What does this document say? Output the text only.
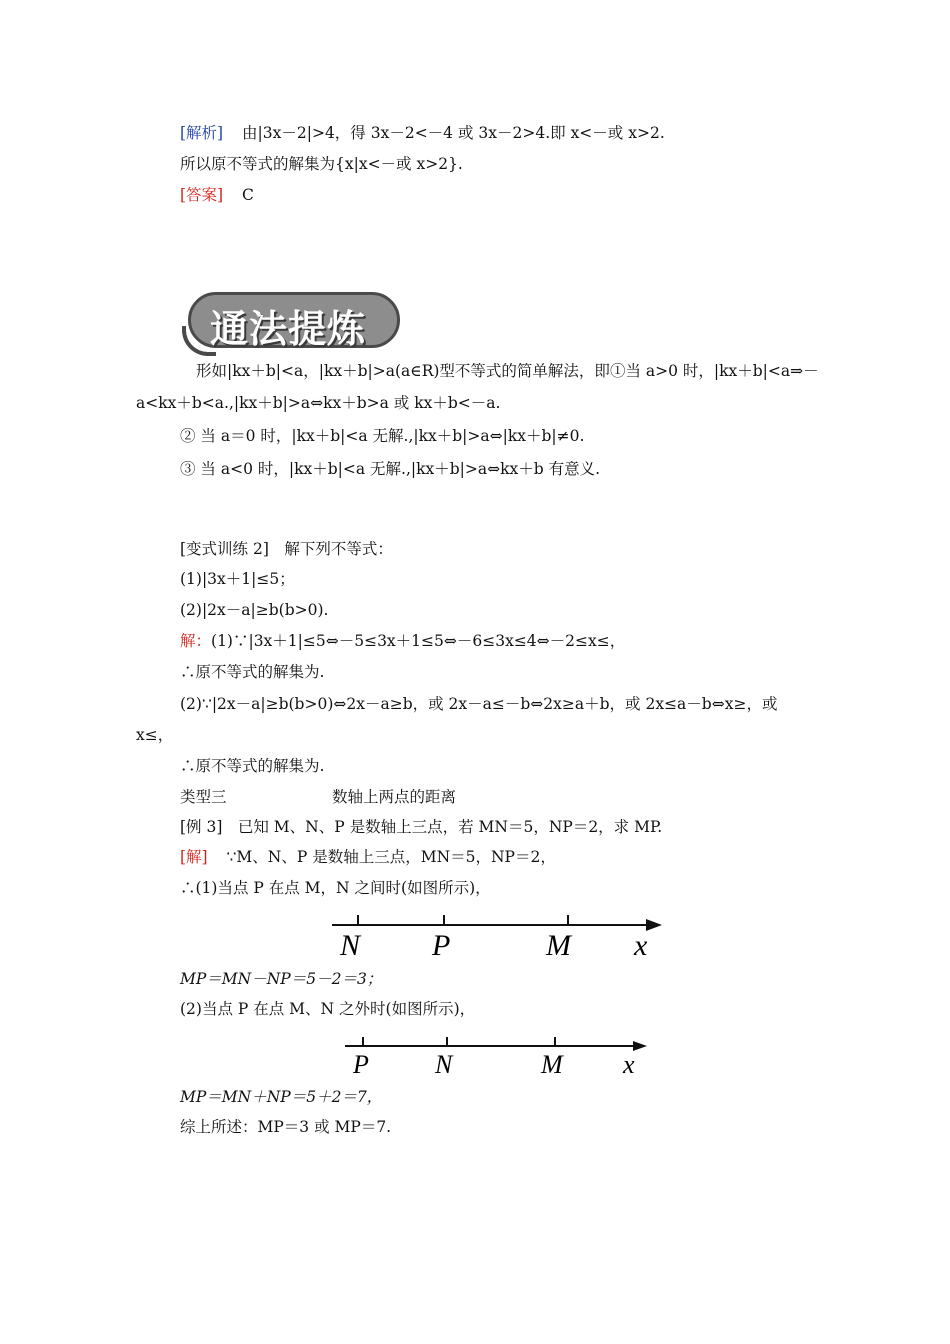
[解析] 由|3x－2|>4，得 3x－2<－4 或 3x－2>4.即 x<－或 x>2.
所以原不等式的解集为{x|x<－或 x>2}.
[答案] C
通法提炼
形如|kx＋b|<a，|kx＋b|>a(a∈R)型不等式的简单解法，即①当 a>0 时，|kx＋b|<a⇒－
a<kx＋b<a.,|kx＋b|>a⇔kx＋b>a 或 kx＋b<－a.
② 当 a＝0 时，|kx＋b|<a 无解.,|kx＋b|>a⇔|kx＋b|≠0.
③ 当 a<0 时，|kx＋b|<a 无解.,|kx＋b|>a⇔kx＋b 有意义.
[变式训练 2]　解下列不等式：
(1)|3x＋1|≤5；
(2)|2x－a|≥b(b>0).
解：(1)∵|3x＋1|≤5⇔－5≤3x＋1≤5⇔－6≤3x≤4⇔－2≤x≤，
∴原不等式的解集为.
(2)∵|2x－a|≥b(b>0)⇔2x－a≥b，或 2x－a≤－b⇔2x≥a＋b，或 2x≤a－b⇔x≥，或
x≤，
∴原不等式的解集为.
类型三	数轴上两点的距离
[例 3]　已知 M、N、P 是数轴上三点，若 MN＝5，NP＝2，求 MP.
[解] ∵M、N、P 是数轴上三点，MN＝5，NP＝2，
∴(1)当点 P 在点 M，N 之间时(如图所示)，
N P	M x
MP＝MN－NP＝5－2＝3；
(2)当点 P 在点 M、N 之外时(如图所示)，
P	N	M x
MP＝MN＋NP＝5＋2＝7，
综上所述：MP＝3 或 MP＝7.
